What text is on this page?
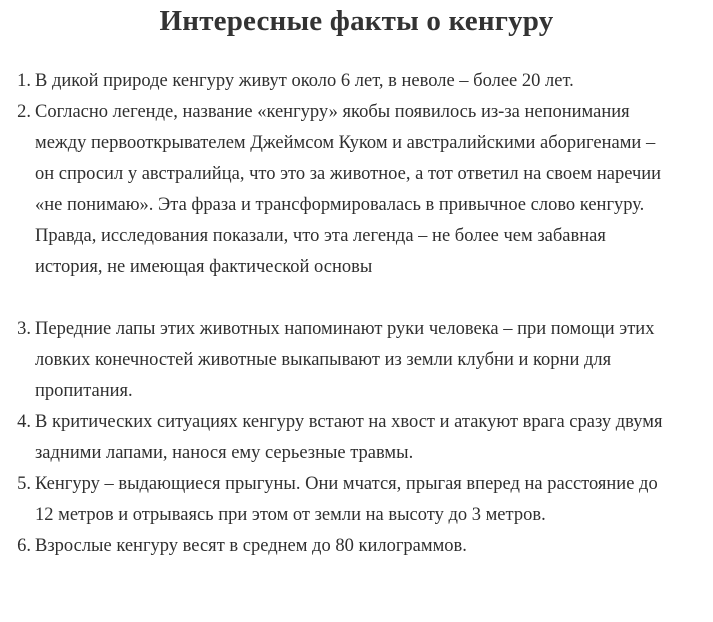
Интересные факты о кенгуру
1. В дикой природе кенгуру живут около 6 лет, в неволе – более 20 лет.
2. Согласно легенде, название «кенгуру» якобы появилось из-за непонимания между первооткрывателем Джеймсом Куком и австралийскими аборигенами – он спросил у австралийца, что это за животное, а тот ответил на своем наречии «не понимаю». Эта фраза и трансформировалась в привычное слово кенгуру. Правда, исследования показали, что эта легенда – не более чем забавная история, не имеющая фактической основы
3. Передние лапы этих животных напоминают руки человека – при помощи этих ловких конечностей животные выкапывают из земли клубни и корни для пропитания.
4. В критических ситуациях кенгуру встают на хвост и атакуют врага сразу двумя задними лапами, нанося ему серьезные травмы.
5. Кенгуру – выдающиеся прыгуны. Они мчатся, прыгая вперед на расстояние до 12 метров и отрываясь при этом от земли на высоту до 3 метров.
6. Взрослые кенгуру весят в среднем до 80 килограммов.
